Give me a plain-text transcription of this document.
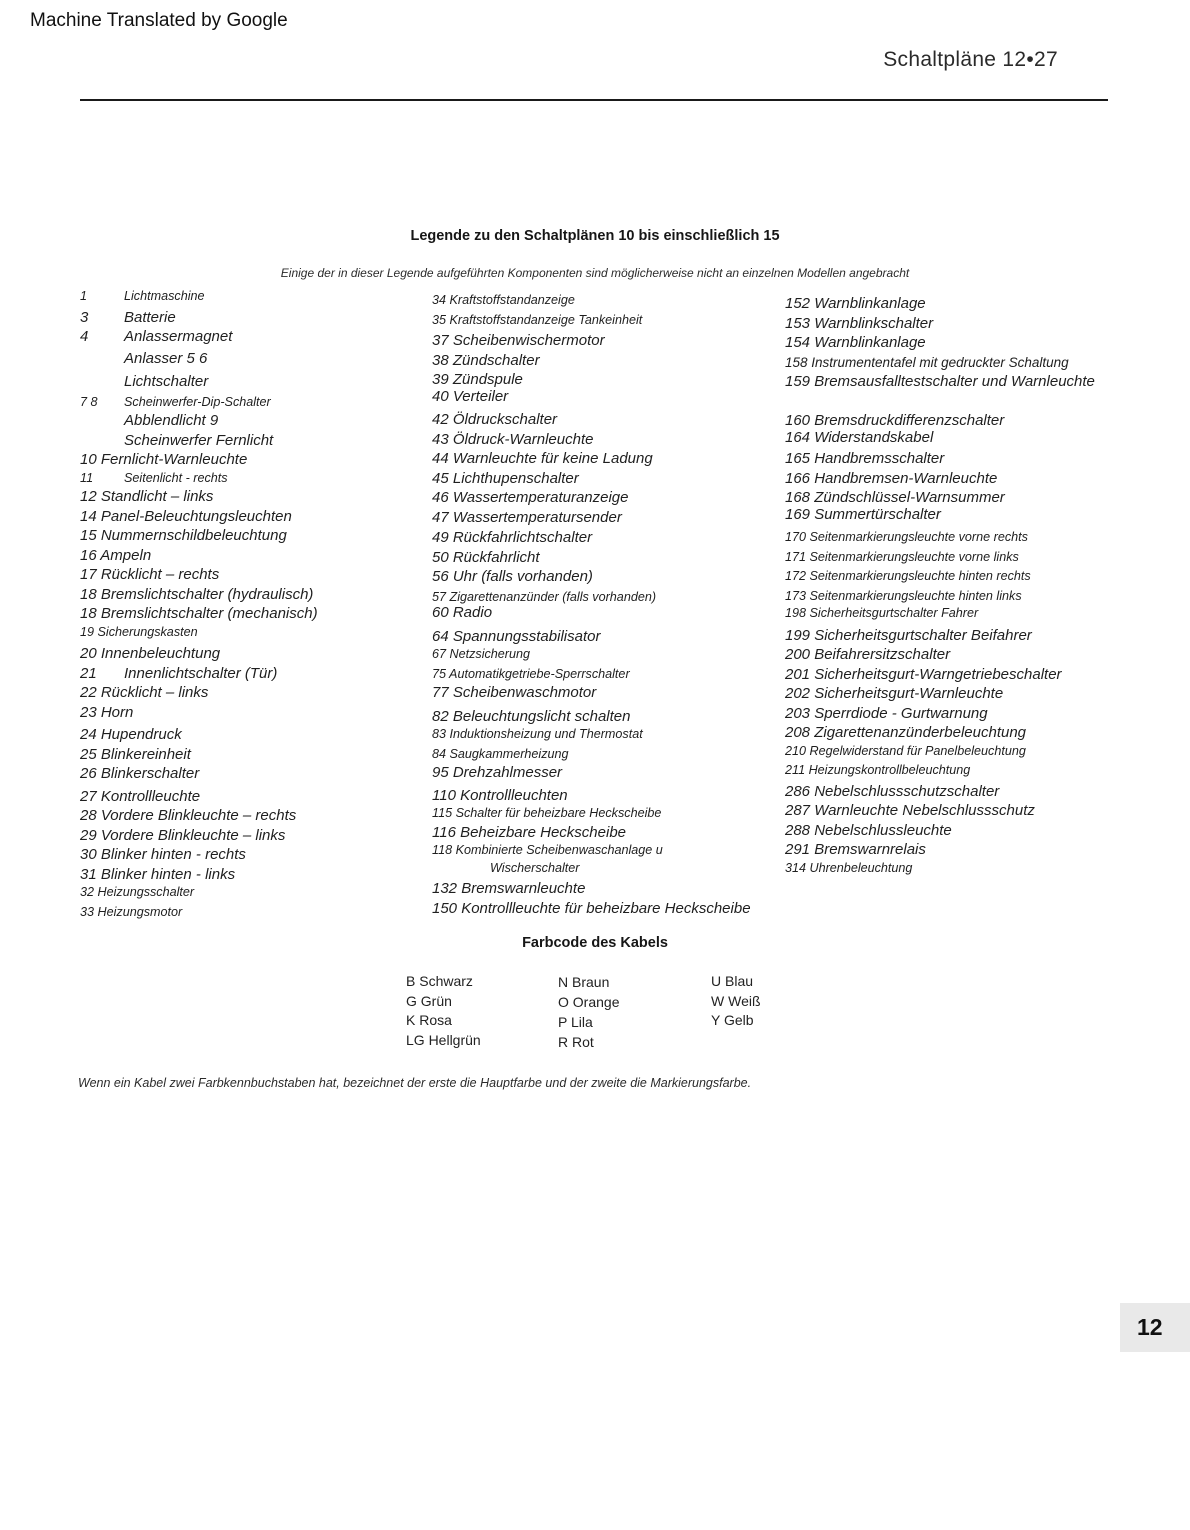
Machine Translated by Google
Schaltpläne 12•27
Legende zu den Schaltplänen 10 bis einschließlich 15
Einige der in dieser Legende aufgeführten Komponenten sind möglicherweise nicht an einzelnen Modellen angebracht
1	Lichtmaschine
3 Batterie
4 Anlassermagnet
Anlasser 5 6
Lichtschalter
7 8 Scheinwerfer-Dip-Schalter
Abblendlicht 9
Scheinwerfer Fernlicht
10 Fernlicht-Warnleuchte
11 Seitenlicht - rechts
12 Standlicht – links
14 Panel-Beleuchtungsleuchten
15 Nummernschildbeleuchtung
16 Ampeln
17 Rücklicht – rechts
18 Bremslichtschalter (hydraulisch)
18 Bremslichtschalter (mechanisch)
19 Sicherungskasten
20 Innenbeleuchtung
21 Innenlichtschalter (Tür)
22 Rücklicht – links
23 Horn
24 Hupendruck
25 Blinkereinheit
26 Blinkerschalter
27 Kontrollleuchte
28 Vordere Blinkleuchte – rechts
29 Vordere Blinkleuchte – links
30 Blinker hinten - rechts
31 Blinker hinten - links
32 Heizungsschalter
33 Heizungsmotor
34 Kraftstoffstandanzeige
35 Kraftstoffstandanzeige Tankeinheit
37 Scheibenwischermotor
38 Zündschalter
39 Zündspule
40 Verteiler
42 Öldruckschalter
43 Öldruck-Warnleuchte
44 Warnleuchte für keine Ladung
45 Lichthupenschalter
46 Wassertemperaturanzeige
47 Wassertemperatursender
49 Rückfahrlichtschalter
50 Rückfahrlicht
56 Uhr (falls vorhanden)
57 Zigarettenanzünder (falls vorhanden)
60 Radio
64 Spannungsstabilisator
67 Netzsicherung
75 Automatikgetriebe-Sperrschalter
77 Scheibenwaschmotor
82 Beleuchtungslicht schalten
83 Induktionsheizung und Thermostat
84 Saugkammerheizung
95 Drehzahlmesser
110 Kontrollleuchten
115 Schalter für beheizbare Heckscheibe
116 Beheizbare Heckscheibe
118 Kombinierte Scheibenwaschanlage u
Wischerschalter
132 Bremswarnleuchte
150 Kontrollleuchte für beheizbare Heckscheibe
152 Warnblinkanlage
153 Warnblinkschalter
154 Warnblinkanlage
158 Instrumententafel mit gedruckter Schaltung
159 Bremsausfalltestschalter und Warnleuchte
160 Bremsdruckdifferenzschalter
164 Widerstandskabel
165 Handbremsschalter
166 Handbremsen-Warnleuchte
168 Zündschlüssel-Warnsummer
169 Summertürschalter
170 Seitenmarkierungsleuchte vorne rechts
171 Seitenmarkierungsleuchte vorne links
172 Seitenmarkierungsleuchte hinten rechts
173 Seitenmarkierungsleuchte hinten links
198 Sicherheitsgurtschalter Fahrer
199 Sicherheitsgurtschalter Beifahrer
200 Beifahrersitzschalter
201 Sicherheitsgurt-Warngetriebeschalter
202 Sicherheitsgurt-Warnleuchte
203 Sperrdiode - Gurtwarnung
208 Zigarettenanzünderbeleuchtung
210 Regelwiderstand für Panelbeleuchtung
211 Heizungskontrollbeleuchtung
286 Nebelschlussschutzschalter
287 Warnleuchte Nebelschlussschutz
288 Nebelschlussleuchte
291 Bremswarnrelais
314 Uhrenbeleuchtung
Farbcode des Kabels
B Schwarz
G Grün
K Rosa
LG Hellgrün
N Braun
O Orange
P Lila
R Rot
U Blau
W Weiß
Y Gelb
Wenn ein Kabel zwei Farbkennbuchstaben hat, bezeichnet der erste die Hauptfarbe und der zweite die Markierungsfarbe.
12
